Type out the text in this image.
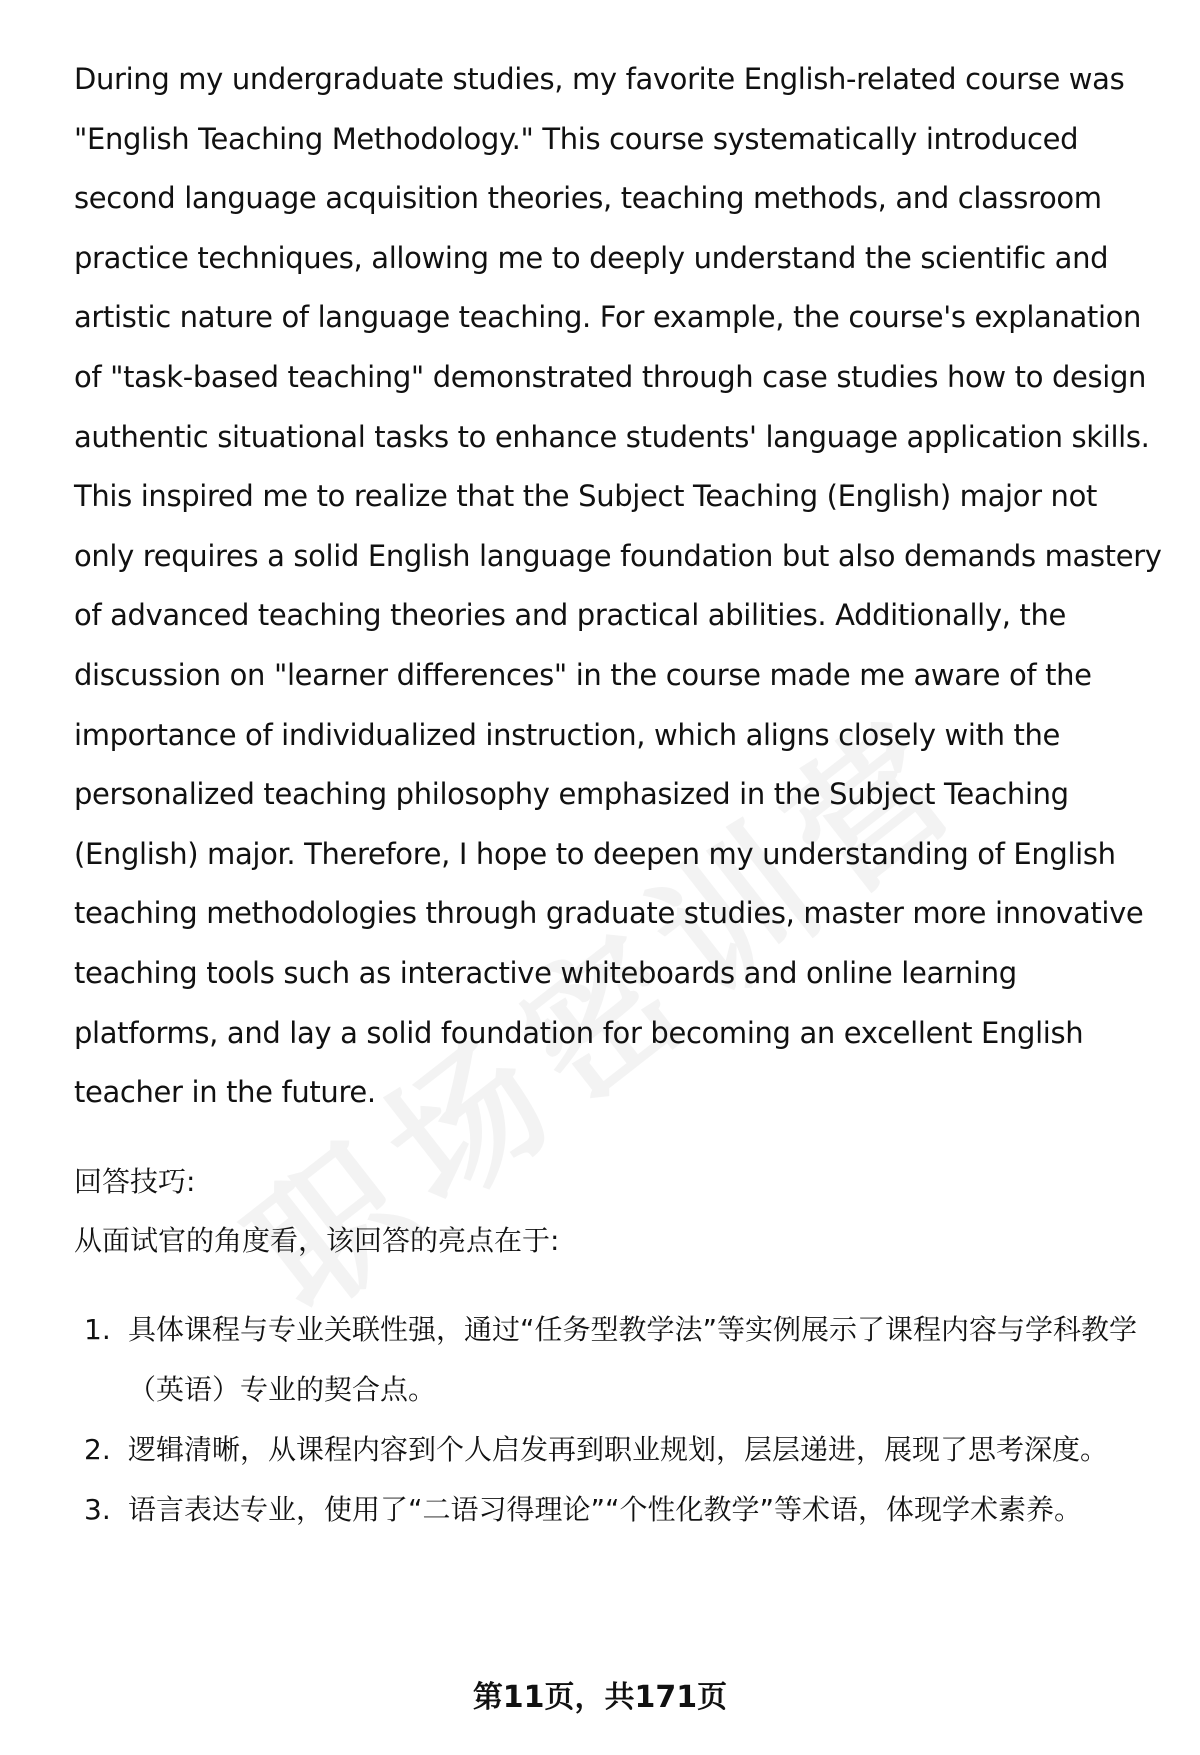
During my undergraduate studies, my favorite English-related course was "English Teaching Methodology." This course systematically introduced second language acquisition theories, teaching methods, and classroom practice techniques, allowing me to deeply understand the scientific and artistic nature of language teaching. For example, the course's explanation of "task-based teaching" demonstrated through case studies how to design authentic situational tasks to enhance students' language application skills. This inspired me to realize that the Subject Teaching (English) major not only requires a solid English language foundation but also demands mastery of advanced teaching theories and practical abilities. Additionally, the discussion on "learner differences" in the course made me aware of the importance of individualized instruction, which aligns closely with the personalized teaching philosophy emphasized in the Subject Teaching (English) major. Therefore, I hope to deepen my understanding of English teaching methodologies through graduate studies, master more innovative teaching tools such as interactive whiteboards and online learning platforms, and lay a solid foundation for becoming an excellent English teacher in the future.

回答技巧:
从面试官的角度看，该回答的亮点在于:
1. 具体课程与专业关联性强，通过“任务型教学法”等实例展示了课程内容与学科教学（英语）专业的契合点。
2. 逻辑清晰，从课程内容到个人启发再到职业规划，层层递进，展现了思考深度。
3. 语言表达专业，使用了“二语习得理论”“个性化教学”等术语，体现学术素养。
第11页，共171页
